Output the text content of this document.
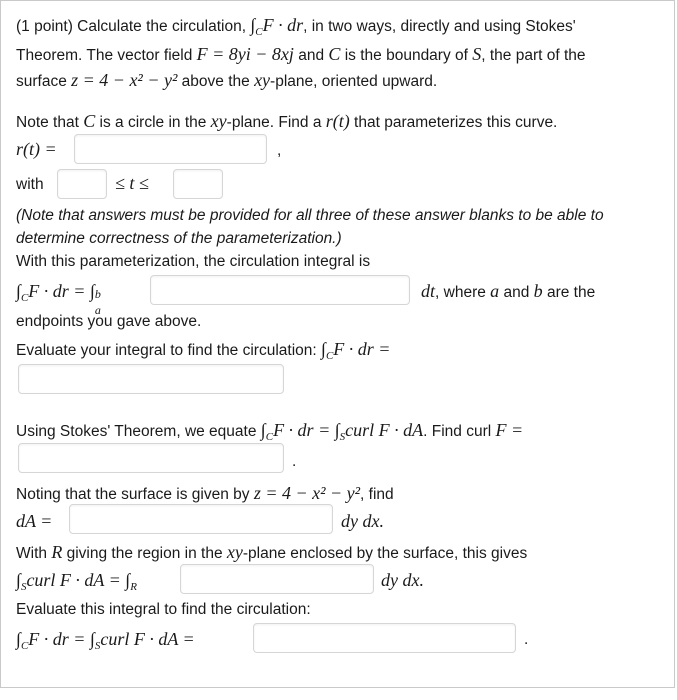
(1 point) Calculate the circulation, $\int_CF$ · dr, in two ways, directly and using Stokes'
Theorem. The vector field F = 8yi − 8xj and C is the boundary of S, the part of the
surface z = 4 − x² − y² above the xy-plane, oriented upward.
Note that C is a circle in the xy-plane. Find a r(t) that parameterizes this curve.
r(t) =	,
with	≤ t ≤
(Note that answers must be provided for all three of these answer blanks to be able to
determine correctness of the parameterization.)
With this parameterization, the circulation integral is
$\int_CF$ · dr = ∫ b
a
dt, where a and b are the
endpoints you gave above.
Evaluate your integral to find the circulation: $\int_CF$ · dr =
Using Stokes' Theorem, we equate $\int_CF$ · dr = $\int_Scurl$ F · dA. Find curl F =
.
Noting that the surface is given by z = 4 − x² − y², find
dA =	dy dx.
With R giving the region in the xy-plane enclosed by the surface, this gives
$\int_Scurl$ F · dA = $\int_R$	dy dx.
Evaluate this integral to find the circulation:
$\int_CF$ · dr = $\int_Scurl$ F · dA =	.
